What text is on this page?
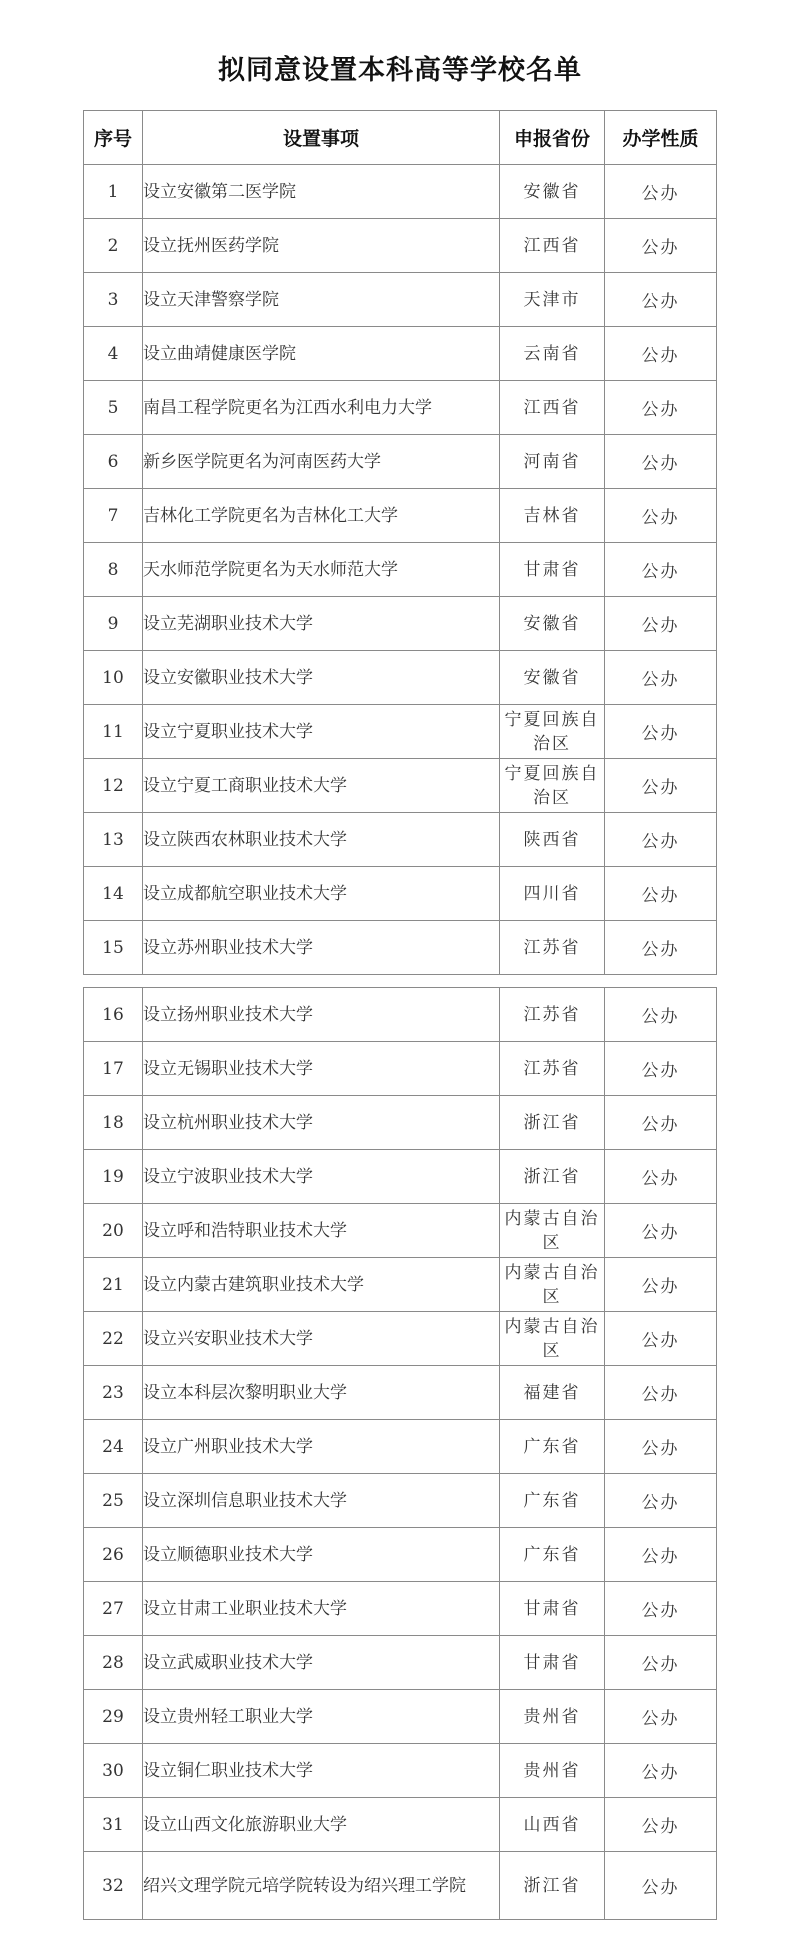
拟同意设置本科高等学校名单
序号	设置事项	申报省份	办学性质
1	设立安徽第二医学院	安徽省	公办
2	设立抚州医药学院	江西省	公办
3	设立天津警察学院	天津市	公办
4	设立曲靖健康医学院	云南省	公办
5	南昌工程学院更名为江西水利电力大学	江西省	公办
6	新乡医学院更名为河南医药大学	河南省	公办
7	吉林化工学院更名为吉林化工大学	吉林省	公办
8	天水师范学院更名为天水师范大学	甘肃省	公办
9	设立芜湖职业技术大学	安徽省	公办
10	设立安徽职业技术大学	安徽省	公办
11	设立宁夏职业技术大学	宁夏回族自治区	公办
12	设立宁夏工商职业技术大学	宁夏回族自治区	公办
13	设立陕西农林职业技术大学	陕西省	公办
14	设立成都航空职业技术大学	四川省	公办
15	设立苏州职业技术大学	江苏省	公办
16	设立扬州职业技术大学	江苏省	公办
17	设立无锡职业技术大学	江苏省	公办
18	设立杭州职业技术大学	浙江省	公办
19	设立宁波职业技术大学	浙江省	公办
20	设立呼和浩特职业技术大学	内蒙古自治区	公办
21	设立内蒙古建筑职业技术大学	内蒙古自治区	公办
22	设立兴安职业技术大学	内蒙古自治区	公办
23	设立本科层次黎明职业大学	福建省	公办
24	设立广州职业技术大学	广东省	公办
25	设立深圳信息职业技术大学	广东省	公办
26	设立顺德职业技术大学	广东省	公办
27	设立甘肃工业职业技术大学	甘肃省	公办
28	设立武威职业技术大学	甘肃省	公办
29	设立贵州轻工职业大学	贵州省	公办
30	设立铜仁职业技术大学	贵州省	公办
31	设立山西文化旅游职业大学	山西省	公办
32	绍兴文理学院元培学院转设为绍兴理工学院	浙江省	公办
